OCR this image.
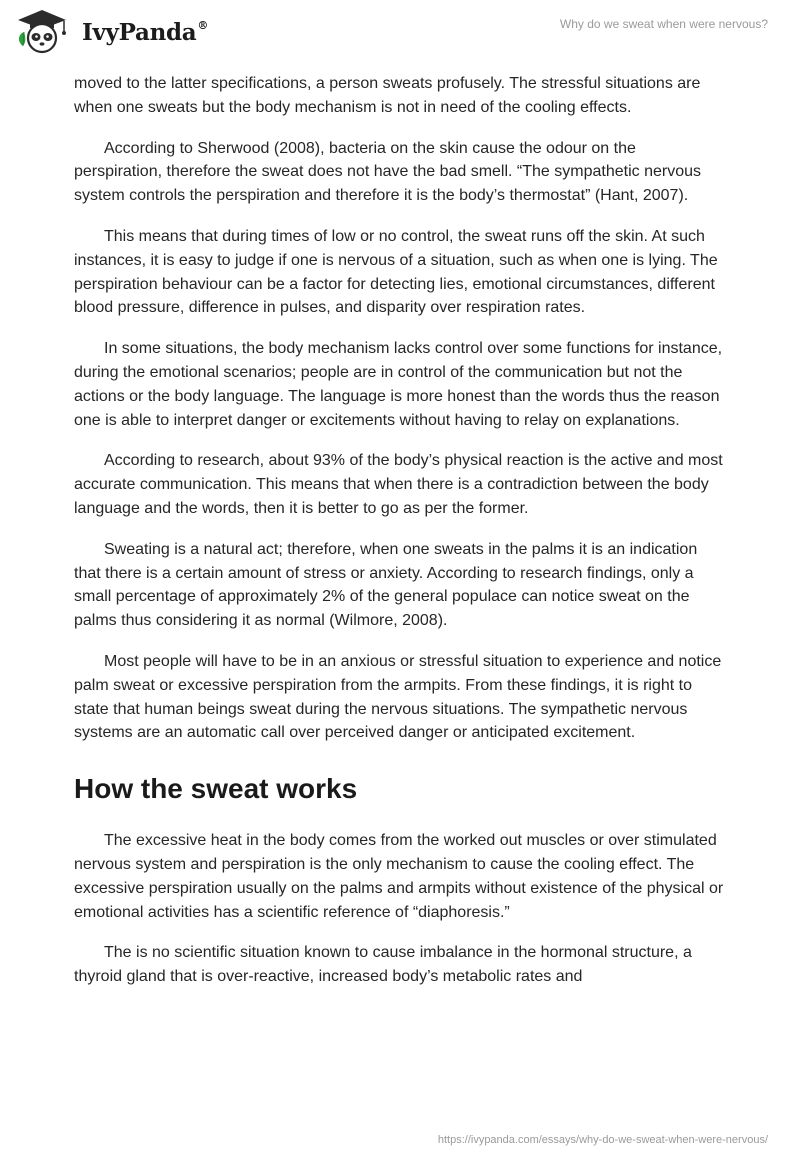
IvyPanda®	Why do we sweat when were nervous?

moved to the latter specifications, a person sweats profusely. The stressful situations are when one sweats but the body mechanism is not in need of the cooling effects.

According to Sherwood (2008), bacteria on the skin cause the odour on the perspiration, therefore the sweat does not have the bad smell. “The sympathetic nervous system controls the perspiration and therefore it is the body’s thermostat” (Hant, 2007).

This means that during times of low or no control, the sweat runs off the skin. At such instances, it is easy to judge if one is nervous of a situation, such as when one is lying. The perspiration behaviour can be a factor for detecting lies, emotional circumstances, different blood pressure, difference in pulses, and disparity over respiration rates.

In some situations, the body mechanism lacks control over some functions for instance, during the emotional scenarios; people are in control of the communication but not the actions or the body language. The language is more honest than the words thus the reason one is able to interpret danger or excitements without having to relay on explanations.

According to research, about 93% of the body’s physical reaction is the active and most accurate communication. This means that when there is a contradiction between the body language and the words, then it is better to go as per the former.

Sweating is a natural act; therefore, when one sweats in the palms it is an indication that there is a certain amount of stress or anxiety. According to research findings, only a small percentage of approximately 2% of the general populace can notice sweat on the palms thus considering it as normal (Wilmore, 2008).

Most people will have to be in an anxious or stressful situation to experience and notice palm sweat or excessive perspiration from the armpits. From these findings, it is right to state that human beings sweat during the nervous situations. The sympathetic nervous systems are an automatic call over perceived danger or anticipated excitement.

How the sweat works

The excessive heat in the body comes from the worked out muscles or over stimulated nervous system and perspiration is the only mechanism to cause the cooling effect. The excessive perspiration usually on the palms and armpits without existence of the physical or emotional activities has a scientific reference of “diaphoresis.”

The is no scientific situation known to cause imbalance in the hormonal structure, a thyroid gland that is over-reactive, increased body’s metabolic rates and

https://ivypanda.com/essays/why-do-we-sweat-when-were-nervous/
